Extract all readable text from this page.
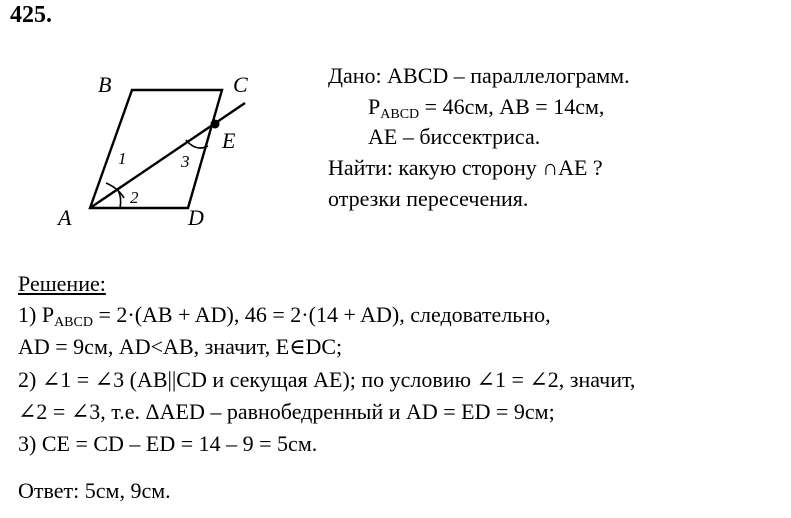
425.
B	C
A	D
E
1
2
3
Дано: ABCD – параллелограмм.
PABCD = 46см, AB = 14см,
AE – биссектриса.
Найти: какую сторону ∩AE ?
отрезки пересечения.
Решение:
1) PABCD = 2·(AB + AD), 46 = 2·(14 + AD), следовательно,
AD = 9см, AD<AB, значит, E∈DC;
2) ∠1 = ∠3 (AB||CD и секущая AE); по условию ∠1 = ∠2, значит,
∠2 = ∠3, т.е. ΔAED – равнобедренный и AD = ED = 9см;
3) CE = CD – ED = 14 – 9 = 5см.
Ответ: 5см, 9см.
